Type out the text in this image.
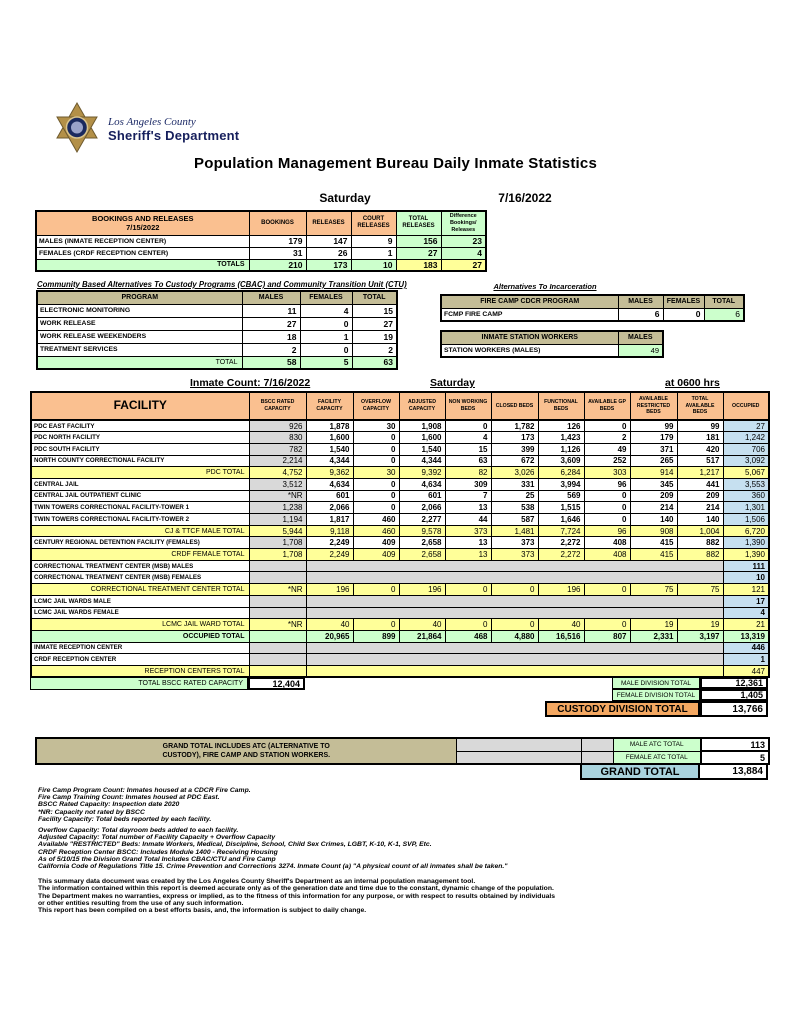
Los Angeles County
Sheriff's Department
Population Management Bureau Daily Inmate Statistics
Saturday	7/16/2022
BOOKINGS AND RELEASES
7/15/2022	BOOKINGS	RELEASES	COURT RELEASES	TOTAL RELEASES	Difference Bookings/ Releases
MALES (INMATE RECEPTION CENTER)	179	147	9	156	23
FEMALES (CRDF RECEPTION CENTER)	31	26	1	27	4
TOTALS	210	173	10	183	27
Community Based Alternatives To Custody Programs (CBAC) and Community Transition Unit (CTU)
PROGRAM	MALES	FEMALES	TOTAL
ELECTRONIC MONITORING	11	4	15
WORK RELEASE	27	0	27
WORK RELEASE WEEKENDERS	18	1	19
TREATMENT SERVICES	2	0	2
TOTAL	58	5	63
Alternatives To Incarceration
FIRE CAMP CDCR PROGRAM	MALES	FEMALES	TOTAL
FCMP FIRE CAMP	6	0	6
INMATE STATION WORKERS	MALES
STATION WORKERS (MALES)	49
Inmate Count: 7/16/2022	Saturday	at 0600 hrs
FACILITY	BSCC RATED CAPACITY	FACILITY CAPACITY	OVERFLOW CAPACITY	ADJUSTED CAPACITY	NON WORKING BEDS	CLOSED BEDS	FUNCTIONAL BEDS	AVAILABLE GP BEDS	AVAILABLE RESTRICTED BEDS	TOTAL AVAILABLE BEDS	OCCUPIED
PDC EAST FACILITY	926	1,878	30	1,908	0	1,782	126	0	99	99	27
PDC NORTH FACILITY	830	1,600	0	1,600	4	173	1,423	2	179	181	1,242
PDC SOUTH FACILITY	782	1,540	0	1,540	15	399	1,126	49	371	420	706
NORTH COUNTY CORRECTIONAL FACILITY	2,214	4,344	0	4,344	63	672	3,609	252	265	517	3,092
PDC TOTAL	4,752	9,362	30	9,392	82	3,026	6,284	303	914	1,217	5,067
CENTRAL JAIL	3,512	4,634	0	4,634	309	331	3,994	96	345	441	3,553
CENTRAL JAIL OUTPATIENT CLINIC	*NR	601	0	601	7	25	569	0	209	209	360
TWIN TOWERS CORRECTIONAL FACILITY-TOWER 1	1,238	2,066	0	2,066	13	538	1,515	0	214	214	1,301
TWIN TOWERS CORRECTIONAL FACILITY-TOWER 2	1,194	1,817	460	2,277	44	587	1,646	0	140	140	1,506
CJ & TTCF MALE TOTAL	5,944	9,118	460	9,578	373	1,481	7,724	96	908	1,004	6,720
CENTURY REGIONAL DETENTION FACILITY (FEMALES)	1,708	2,249	409	2,658	13	373	2,272	408	415	882	1,390
CRDF FEMALE TOTAL	1,708	2,249	409	2,658	13	373	2,272	408	415	882	1,390
CORRECTIONAL TREATMENT CENTER (MSB) MALES											111
CORRECTIONAL TREATMENT CENTER (MSB) FEMALES											10
CORRECTIONAL TREATMENT CENTER TOTAL	*NR	196	0	196	0	0	196	0	75	75	121
LCMC JAIL WARDS MALE											17
LCMC JAIL WARDS FEMALE											4
LCMC JAIL WARD TOTAL	*NR	40	0	40	0	0	40	0	19	19	21
OCCUPIED TOTAL		20,965	899	21,864	468	4,880	16,516	807	2,331	3,197	13,319
INMATE RECEPTION CENTER											446
CRDF RECEPTION CENTER											1
RECEPTION CENTERS TOTAL											447
TOTAL BSCC RATED CAPACITY	12,404	MALE DIVISION TOTAL	12,361
FEMALE DIVISION TOTAL	1,405
CUSTODY DIVISION TOTAL	13,766
GRAND TOTAL INCLUDES ATC (ALTERNATIVE TO
CUSTODY), FIRE CAMP AND STATION WORKERS.			MALE ATC TOTAL	113
			FEMALE ATC TOTAL	5
GRAND TOTAL	13,884
Fire Camp Program Count: Inmates housed at a CDCR Fire Camp.
Fire Camp Training Count: Inmates housed at PDC East.
BSCC Rated Capacity: Inspection date 2020
*NR: Capacity not rated by BSCC
Facility Capacity: Total beds reported by each facility.
Overflow Capacity: Total dayroom beds added to each facility.
Adjusted Capacity: Total number of Facility Capacity + Overflow Capacity
Available "RESTRICTED" Beds: Inmate Workers, Medical, Discipline, School, Child Sex Crimes, LGBT, K-10, K-1, SVP, Etc.
CRDF Reception Center BSCC: Includes Module 1400 - Receiving Housing
As of 5/10/15 the Division Grand Total Includes CBAC/CTU and Fire Camp
California Code of Regulations Title 15. Crime Prevention and Corrections 3274. Inmate Count (a) "A physical count of all inmates shall be taken."
This summary data document was created by the Los Angeles County Sheriff's Department as an internal population management tool.
The information contained within this report is deemed accurate only as of the generation date and time due to the constant, dynamic change of the population.
The Department makes no warranties, express or implied, as to the fitness of this information for any purpose, or with respect to results obtained by individuals
or other entities resulting from the use of any such information.
This report has been compiled on a best efforts basis, and, the information is subject to daily change.
